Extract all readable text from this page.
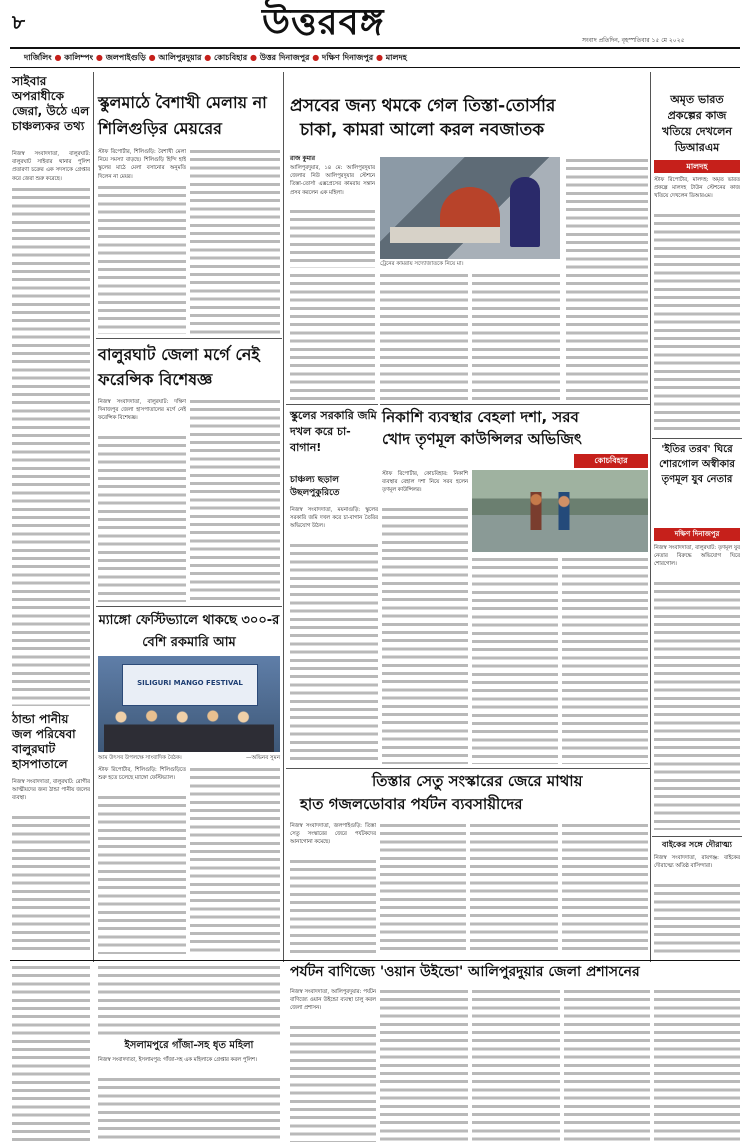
৮	উত্তরবঙ্গ	সংবাদ প্রতিদিন, বৃহস্পতিবার ১৫ মে ২০২৫
দার্জিলিং ● কালিম্পং ● জলপাইগুড়ি ● আলিপুরদুয়ার ● কোচবিহার ● উত্তর দিনাজপুর ● দক্ষিণ দিনাজপুর ● মালদহ
সাইবার অপরাধীকে জেরা, উঠে এল চাঞ্চল্যকর তথ্য
নিজস্ব সংবাদদাতা, বালুরঘাট: বালুরঘাট সাইবার থানার পুলিশ প্রতারণা চক্রের এক সদস্যকে গ্রেপ্তার করে জেরা শুরু করেছে।
ঠান্ডা পানীয় জল পরিষেবা বালুরঘাট হাসপাতালে
নিজস্ব সংবাদদাতা, বালুরঘাট: রোগীর আত্মীয়দের জন্য ঠান্ডা পানীয় জলের ব্যবস্থা।
স্কুলমাঠে বৈশাখী মেলায় না শিলিগুড়ির মেয়রের
স্টাফ রিপোর্টার, শিলিগুড়ি: বৈশাখী মেলা নিয়ে সমস্যা বাড়ছে। শিলিগুড়ি হিন্দি হাই স্কুলের মাঠে মেলা বসানোর অনুমতি দিলেন না মেয়র।
বালুরঘাট জেলা মর্গে নেই ফরেন্সিক বিশেষজ্ঞ
নিজস্ব সংবাদদাতা, বালুরঘাট: দক্ষিণ দিনাজপুর জেলা হাসপাতালের মর্গে নেই ফরেন্সিক বিশেষজ্ঞ।
ম্যাঙ্গো ফেস্টিভ্যালে থাকছে ৩০০-র বেশি রকমারি আম
SILIGURI MANGO FESTIVAL
আম উৎসব উপলক্ষে সাংবাদিক বৈঠক।	—অভিনব সুমন
স্টাফ রিপোর্টার, শিলিগুড়ি: শিলিগুড়িতে শুরু হতে চলেছে ম্যাঙ্গো ফেস্টিভ্যাল।
প্রসবের জন্য থমকে গেল তিস্তা-তোর্সার
চাকা, কামরা আলো করল নবজাতক
রাজ কুমার
আলিপুরদুয়ার, ১৪ মে: আলিপুরদুয়ার জেলার নিউ আলিপুরদুয়ার স্টেশনে তিস্তা-তোর্সা এক্সপ্রেসের কামরায় সন্তান প্রসব করলেন এক মহিলা।
ট্রেনের কামরায় সদ্যোজাতকে নিয়ে মা।
স্কুলের সরকারি জমি দখল করে চা-বাগান!
চাঞ্চল্য ছড়াল উছলপুকুরিতে
নিজস্ব সংবাদদাতা, ময়নাগুড়ি: স্কুলের সরকারি জমি দখল করে চা-বাগান তৈরির অভিযোগ উঠল।
নিকাশি ব্যবস্থার বেহলা দশা, সরব
খোদ তৃণমূল কাউন্সিলর অভিজিৎ
কোচবিহার
স্টাফ রিপোর্টার, কোচবিহার: নিকাশি ব্যবস্থার বেহাল দশা নিয়ে সরব হলেন তৃণমূল কাউন্সিলর।
তিস্তার সেতু সংস্কারের জেরে মাথায়
হাত গজলডোবার পর্যটন ব্যবসায়ীদের
নিজস্ব সংবাদদাতা, জলপাইগুড়ি: তিস্তা সেতু সংস্কারের জেরে পর্যটকদের আনাগোনা কমেছে।
অমৃত ভারত প্রকল্পের কাজ খতিয়ে দেখলেন ডিআরএম
মালদহ
স্টাফ রিপোর্টার, মালদহ: অমৃত ভারত প্রকল্পে মালদহ টাউন স্টেশনের কাজ খতিয়ে দেখলেন ডিআরএম।
'ইতির তরব' ঘিরে শোরগোল অস্বীকার তৃণমূল যুব নেতার
দক্ষিণ দিনাজপুর
নিজস্ব সংবাদদাতা, বালুরঘাট: তৃণমূল যুব নেতার বিরুদ্ধে অভিযোগ ঘিরে শোরগোল।
বাইকের সঙ্গে দৌরাত্ম্য
নিজস্ব সংবাদদাতা, রায়গঞ্জ: বাইকের দৌরাত্ম্যে অতিষ্ঠ বাসিন্দারা।
ইসলামপুরে গাঁজা-সহ ধৃত মহিলা
নিজস্ব সংবাদদাতা, ইসলামপুর: গাঁজা-সহ এক মহিলাকে গ্রেপ্তার করল পুলিশ।
পর্যটন বাণিজ্যে 'ওয়ান উইন্ডো' আলিপুরদুয়ার জেলা প্রশাসনের
নিজস্ব সংবাদদাতা, আলিপুরদুয়ার: পর্যটন বাণিজ্যে ওয়ান উইন্ডো ব্যবস্থা চালু করল জেলা প্রশাসন।
